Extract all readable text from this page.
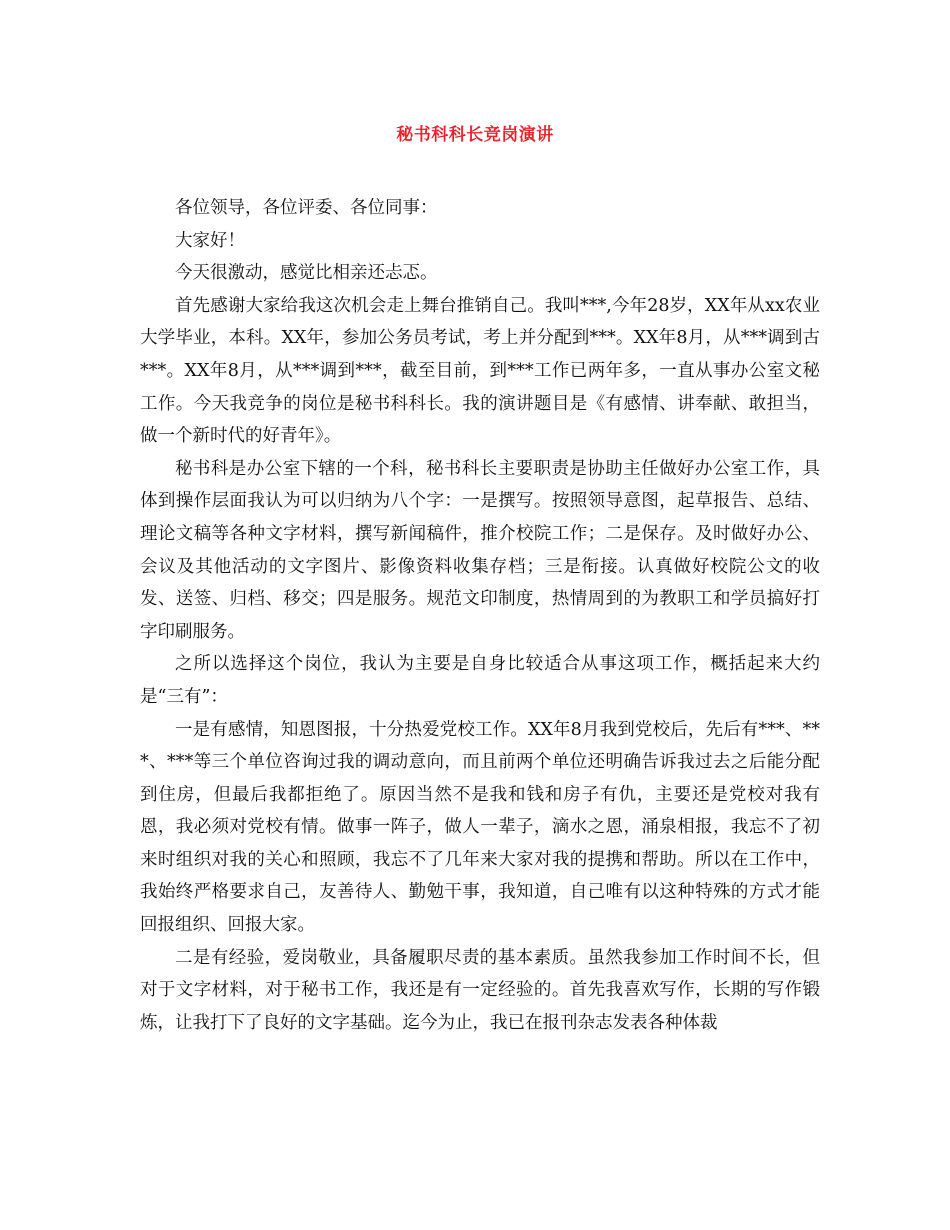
秘书科科长竞岗演讲

各位领导，各位评委、各位同事：

大家好！

今天很激动，感觉比相亲还忐忑。

首先感谢大家给我这次机会走上舞台推销自己。我叫***,今年28岁，XX年从xx农业大学毕业，本科。XX年，参加公务员考试，考上并分配到***。XX年8月，从***调到古***。XX年8月，从***调到***，截至目前，到***工作已两年多，一直从事办公室文秘工作。今天我竞争的岗位是秘书科科长。我的演讲题目是《有感情、讲奉献、敢担当，做一个新时代的好青年》。

秘书科是办公室下辖的一个科，秘书科长主要职责是协助主任做好办公室工作，具体到操作层面我认为可以归纳为八个字：一是撰写。按照领导意图，起草报告、总结、理论文稿等各种文字材料，撰写新闻稿件，推介校院工作；二是保存。及时做好办公、会议及其他活动的文字图片、影像资料收集存档；三是衔接。认真做好校院公文的收发、送签、归档、移交；四是服务。规范文印制度，热情周到的为教职工和学员搞好打字印刷服务。

之所以选择这个岗位，我认为主要是自身比较适合从事这项工作，概括起来大约是“三有”：

一是有感情，知恩图报，十分热爱党校工作。XX年8月我到党校后，先后有***、***、***等三个单位咨询过我的调动意向，而且前两个单位还明确告诉我过去之后能分配到住房，但最后我都拒绝了。原因当然不是我和钱和房子有仇，主要还是党校对我有恩，我必须对党校有情。做事一阵子，做人一辈子，滴水之恩，涌泉相报，我忘不了初来时组织对我的关心和照顾，我忘不了几年来大家对我的提携和帮助。所以在工作中，我始终严格要求自己，友善待人、勤勉干事，我知道，自己唯有以这种特殊的方式才能回报组织、回报大家。

二是有经验，爱岗敬业，具备履职尽责的基本素质。虽然我参加工作时间不长，但对于文字材料，对于秘书工作，我还是有一定经验的。首先我喜欢写作，长期的写作锻炼，让我打下了良好的文字基础。迄今为止，我已在报刊杂志发表各种体裁
